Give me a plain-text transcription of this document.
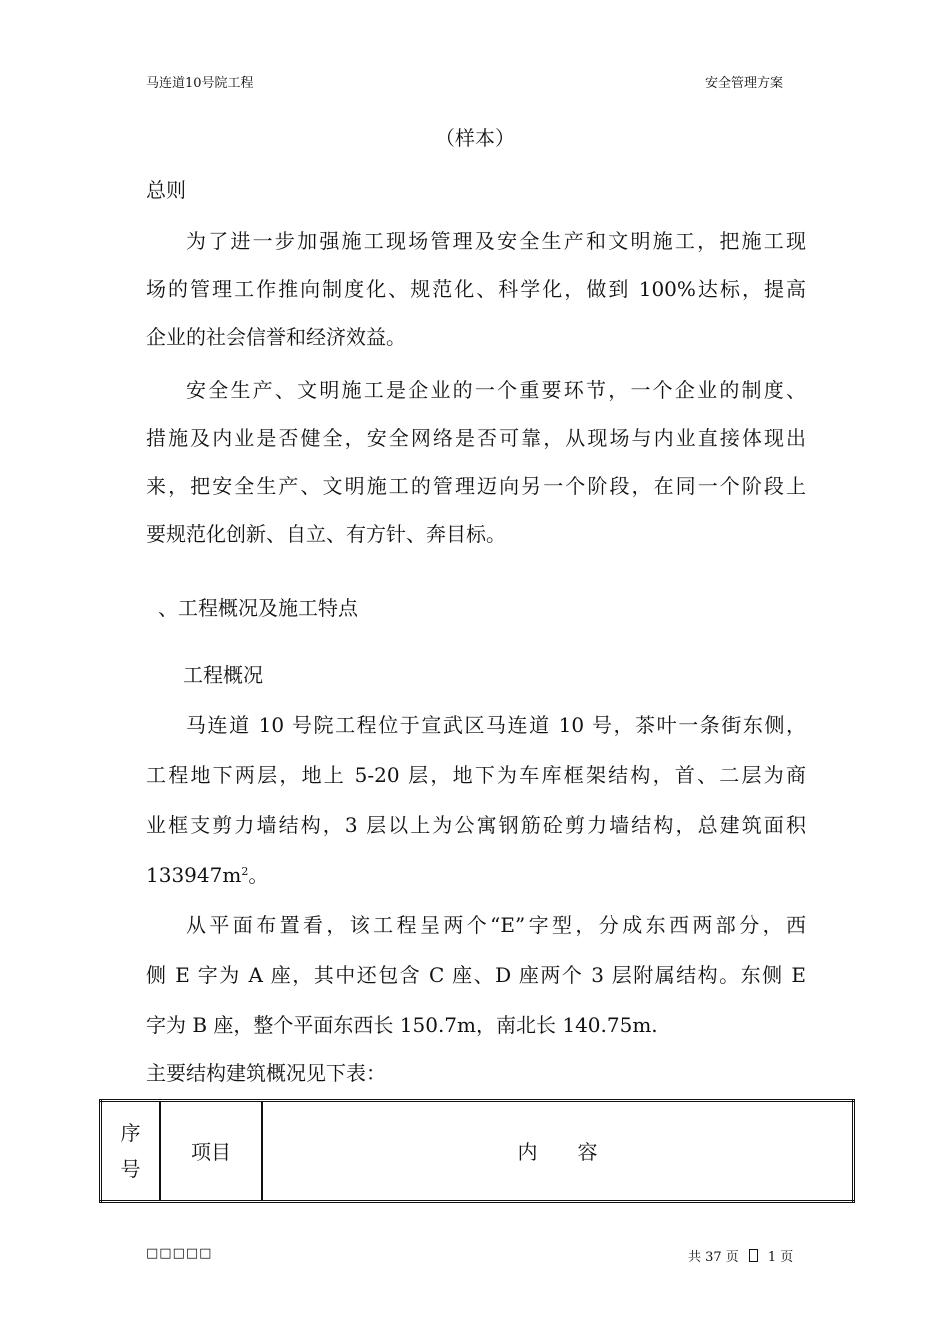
马连道10号院工程	安全管理方案
（样本）
总则
为了进一步加强施工现场管理及安全生产和文明施工，把施工现
场的管理工作推向制度化、规范化、科学化，做到 100%达标，提高
企业的社会信誉和经济效益。
安全生产、文明施工是企业的一个重要环节，一个企业的制度、
措施及内业是否健全，安全网络是否可靠，从现场与内业直接体现出
来，把安全生产、文明施工的管理迈向另一个阶段，在同一个阶段上
要规范化创新、自立、有方针、奔目标。
、工程概况及施工特点
工程概况
马连道 10 号院工程位于宣武区马连道 10 号，茶叶一条街东侧，
工程地下两层，地上 5-20 层，地下为车库框架结构，首、二层为商
业框支剪力墙结构，3 层以上为公寓钢筋砼剪力墙结构，总建筑面积
$133947m^2$。
从平面布置看，该工程呈两个“E”字型，分成东西两部分，西
侧 E 字为 A 座，其中还包含 C 座、D 座两个 3 层附属结构。东侧 E
字为 B 座，整个平面东西长 150.7m，南北长 140.75m.
主要结构建筑概况见下表：
序
号	项目	内　　容
□□□□□	共 37 页 1 页
